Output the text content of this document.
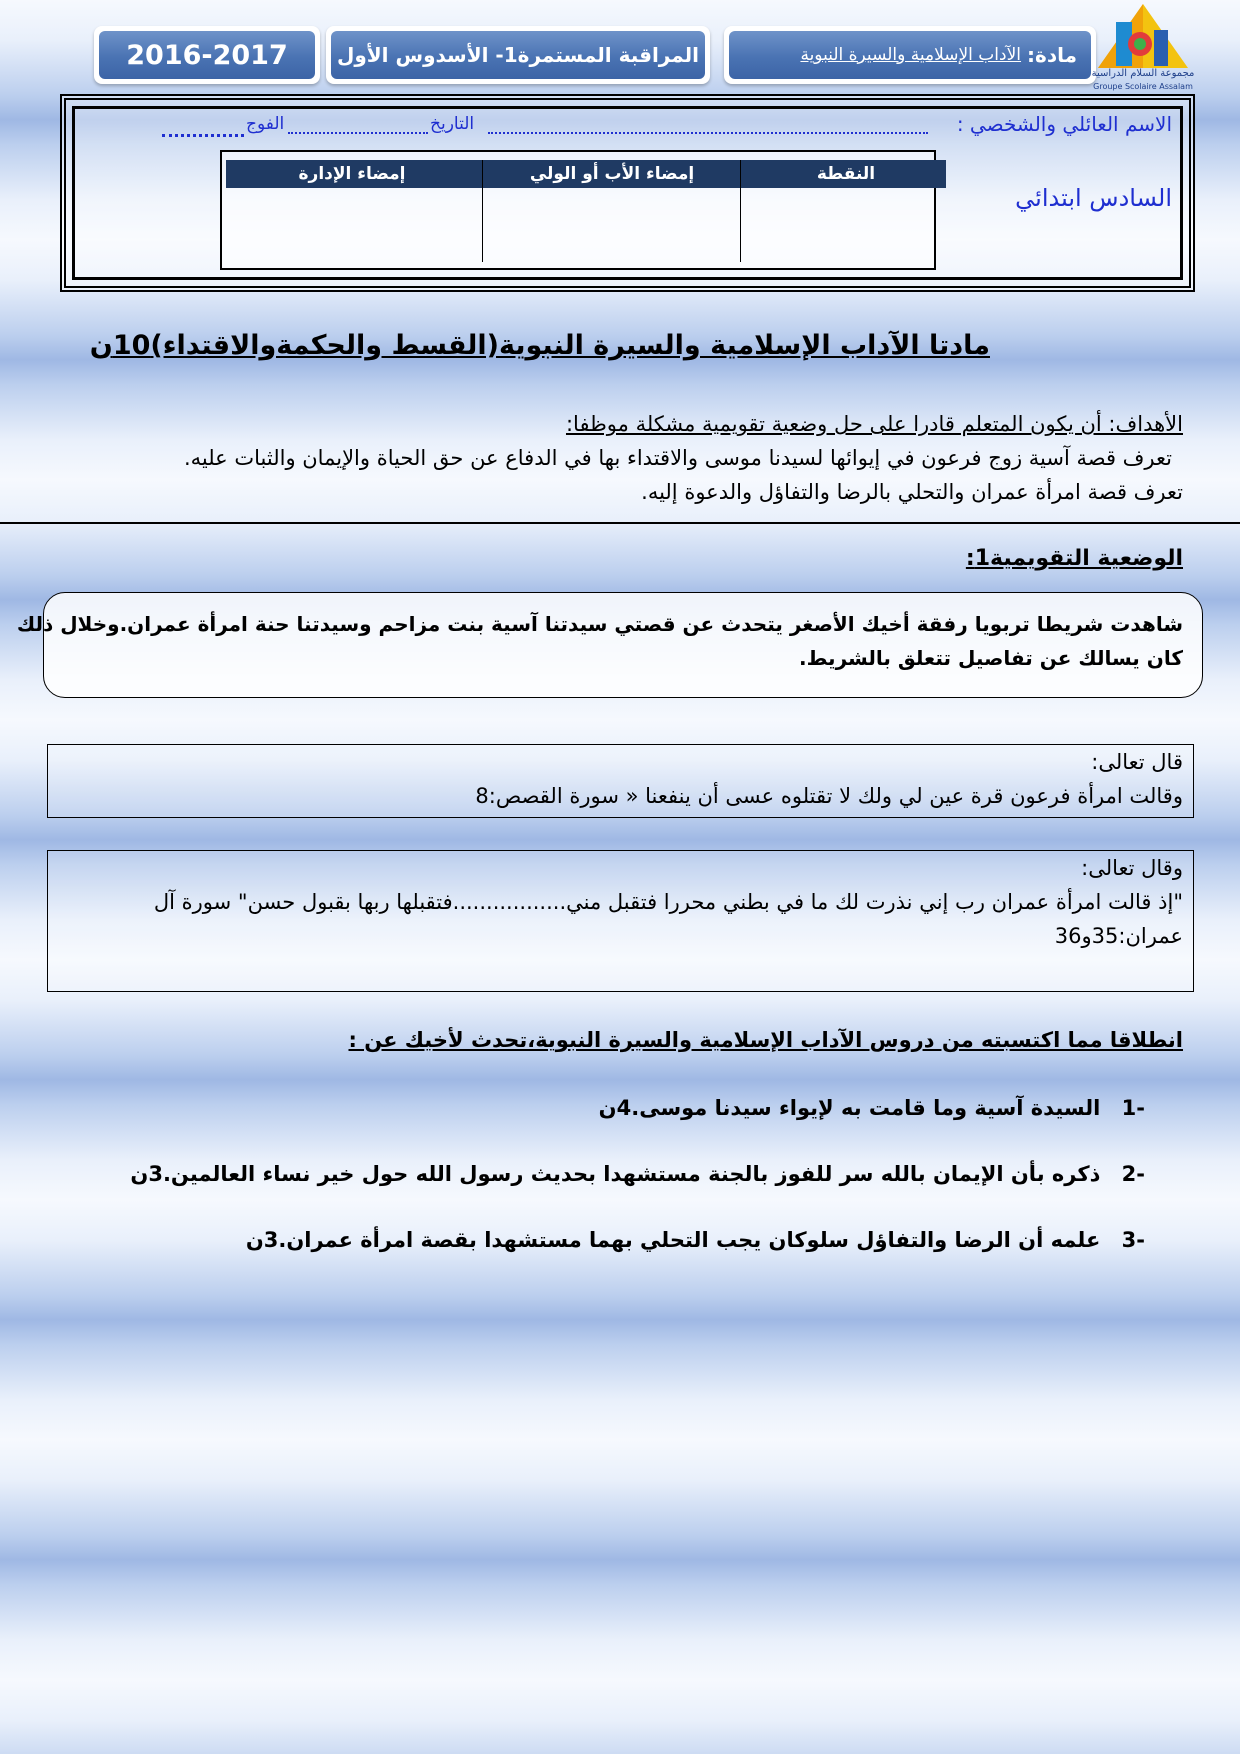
2016-2017 المراقبة المستمرة1- الأسدوس الأول	مادة:
الآداب الإسلامية والسيرة النبوية
مجموعة السلام الدراسية
Groupe Scolaire Assalam
الاسم العائلي والشخصي :
التاريخ
الفوج
السادس ابتدائي
النقطة
إمضاء الأب أو الولي
إمضاء الإدارة
مادتا الآداب الإسلامية والسيرة النبوية(القسط والحكمةوالاقتداء)10ن
الأهداف: أن يكون المتعلم قادرا على حل وضعية تقويمية مشكلة موظفا:
تعرف قصة آسية زوج فرعون في إيوائها لسيدنا موسى والاقتداء بها في الدفاع عن حق الحياة والإيمان والثبات عليه.
تعرف قصة امرأة عمران والتحلي بالرضا والتفاؤل والدعوة إليه.
الوضعية التقويمية1:
شاهدت شريطا تربويا رفقة أخيك الأصغر يتحدث عن قصتي سيدتنا آسية بنت مزاحم وسيدتنا حنة امرأة عمران.وخلال ذلك
كان يسالك عن تفاصيل تتعلق بالشريط.
قال تعالى:
وقالت امرأة فرعون قرة عين لي ولك لا تقتلوه عسى أن ينفعنا « سورة القصص:8
وقال تعالى:
"إذ قالت امرأة عمران رب إني نذرت لك ما في بطني محررا فتقبل مني.................فتقبلها ربها بقبول حسن" سورة آل
عمران:35و36
انطلاقا مما اكتسبته من دروس الآداب الإسلامية والسيرة النبوية،تحدث لأخيك عن :
-1 السيدة آسية وما قامت به لإيواء سيدنا موسى.4ن
-2 ذكره بأن الإيمان بالله سر للفوز بالجنة مستشهدا بحديث رسول الله حول خير نساء العالمين.3ن
-3 علمه أن الرضا والتفاؤل سلوكان يجب التحلي بهما مستشهدا بقصة امرأة عمران.3ن
